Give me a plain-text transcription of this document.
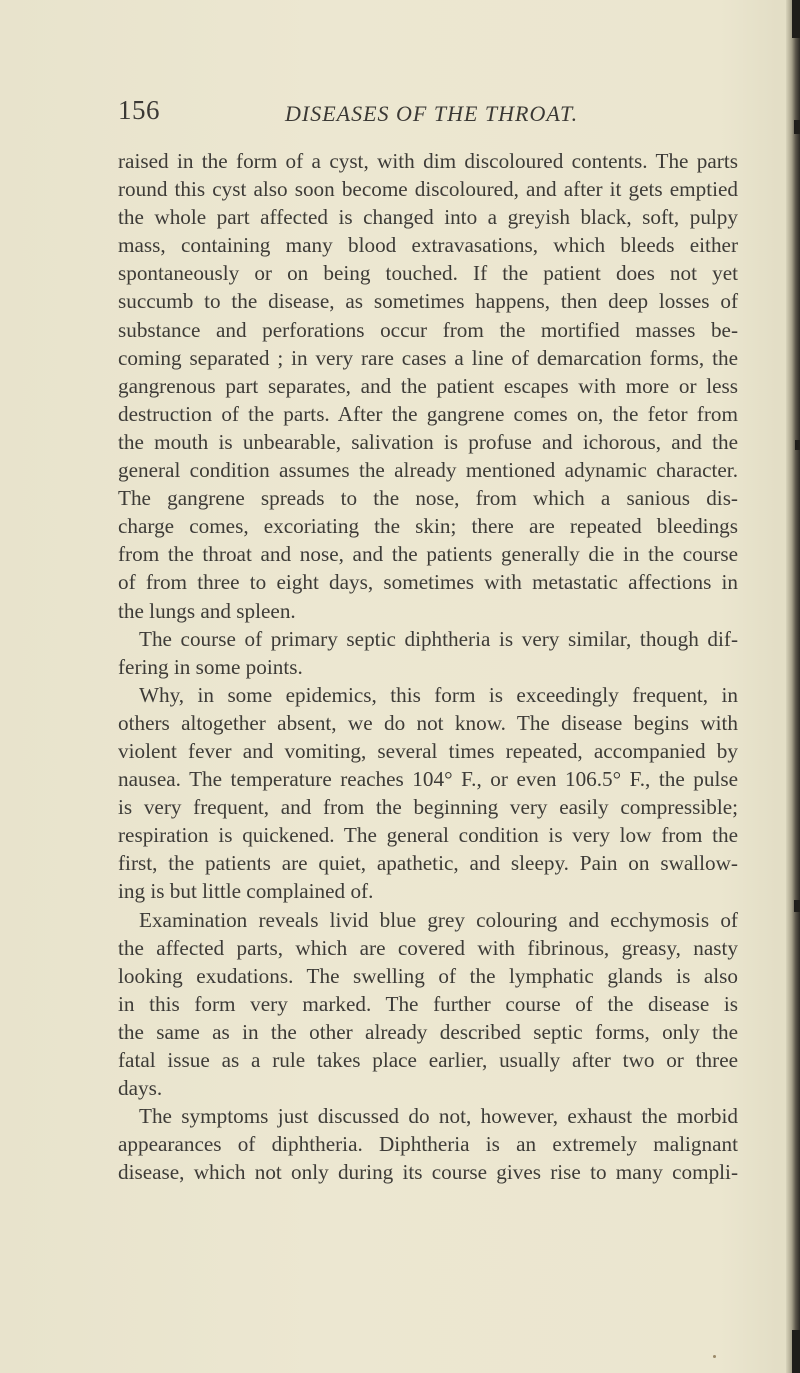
156	DISEASES OF THE THROAT.
raised in the form of a cyst, with dim discoloured contents. The parts
round this cyst also soon become discoloured, and after it gets emptied
the whole part affected is changed into a greyish black, soft, pulpy
mass, containing many blood extravasations, which bleeds either
spontaneously or on being touched. If the patient does not yet
succumb to the disease, as sometimes happens, then deep losses of
substance and perforations occur from the mortified masses be-
coming separated ; in very rare cases a line of demarcation forms, the
gangrenous part separates, and the patient escapes with more or less
destruction of the parts. After the gangrene comes on, the fetor from
the mouth is unbearable, salivation is profuse and ichorous, and the
general condition assumes the already mentioned adynamic character.
The gangrene spreads to the nose, from which a sanious dis-
charge comes, excoriating the skin; there are repeated bleedings
from the throat and nose, and the patients generally die in the course
of from three to eight days, sometimes with metastatic affections in
the lungs and spleen.
The course of primary septic diphtheria is very similar, though dif-
fering in some points.
Why, in some epidemics, this form is exceedingly frequent, in
others altogether absent, we do not know. The disease begins with
violent fever and vomiting, several times repeated, accompanied by
nausea. The temperature reaches 104° F., or even 106.5° F., the pulse
is very frequent, and from the beginning very easily compressible;
respiration is quickened. The general condition is very low from the
first, the patients are quiet, apathetic, and sleepy. Pain on swallow-
ing is but little complained of.
Examination reveals livid blue grey colouring and ecchymosis of
the affected parts, which are covered with fibrinous, greasy, nasty
looking exudations. The swelling of the lymphatic glands is also
in this form very marked. The further course of the disease is
the same as in the other already described septic forms, only the
fatal issue as a rule takes place earlier, usually after two or three
days.
The symptoms just discussed do not, however, exhaust the morbid
appearances of diphtheria. Diphtheria is an extremely malignant
disease, which not only during its course gives rise to many compli-
